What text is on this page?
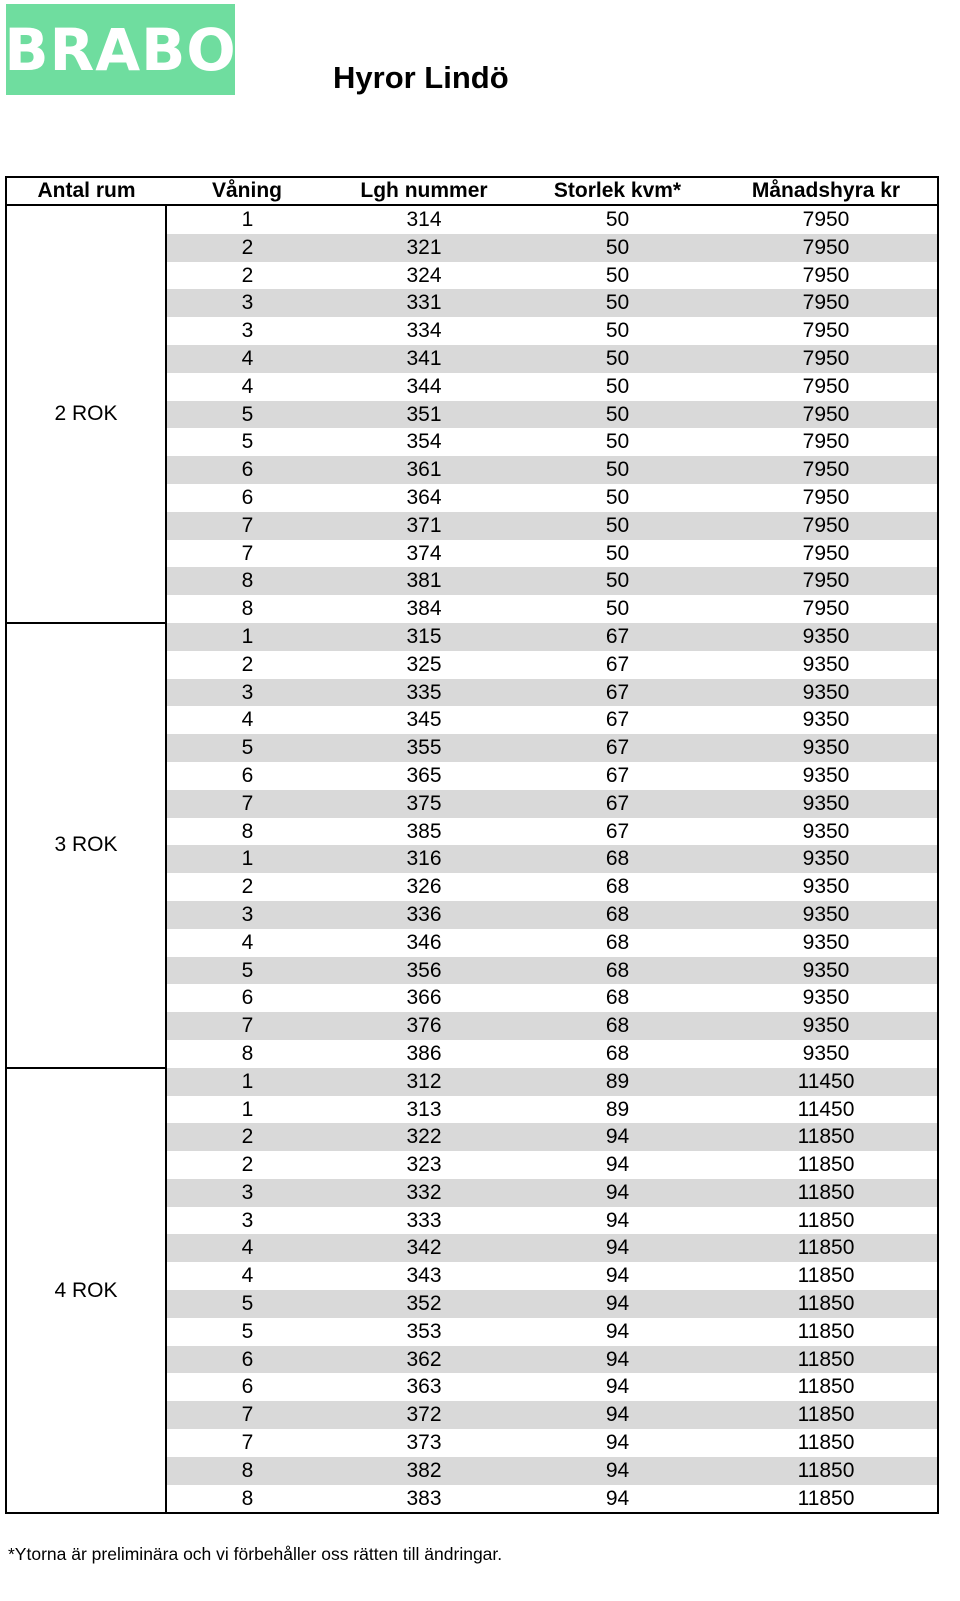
BRABO	Hyror Lindö
Antal rum	Våning	Lgh nummer	Storlek kvm*	Månadshyra kr
2 ROK	1	314	50	7950
	2	321	50	7950
	2	324	50	7950
	3	331	50	7950
	3	334	50	7950
	4	341	50	7950
	4	344	50	7950
	5	351	50	7950
	5	354	50	7950
	6	361	50	7950
	6	364	50	7950
	7	371	50	7950
	7	374	50	7950
	8	381	50	7950
	8	384	50	7950
3 ROK	1	315	67	9350
	2	325	67	9350
	3	335	67	9350
	4	345	67	9350
	5	355	67	9350
	6	365	67	9350
	7	375	67	9350
	8	385	67	9350
	1	316	68	9350
	2	326	68	9350
	3	336	68	9350
	4	346	68	9350
	5	356	68	9350
	6	366	68	9350
	7	376	68	9350
	8	386	68	9350
4 ROK	1	312	89	11450
	1	313	89	11450
	2	322	94	11850
	2	323	94	11850
	3	332	94	11850
	3	333	94	11850
	4	342	94	11850
	4	343	94	11850
	5	352	94	11850
	5	353	94	11850
	6	362	94	11850
	6	363	94	11850
	7	372	94	11850
	7	373	94	11850
	8	382	94	11850
	8	383	94	11850
*Ytorna är preliminära och vi förbehåller oss rätten till ändringar.
